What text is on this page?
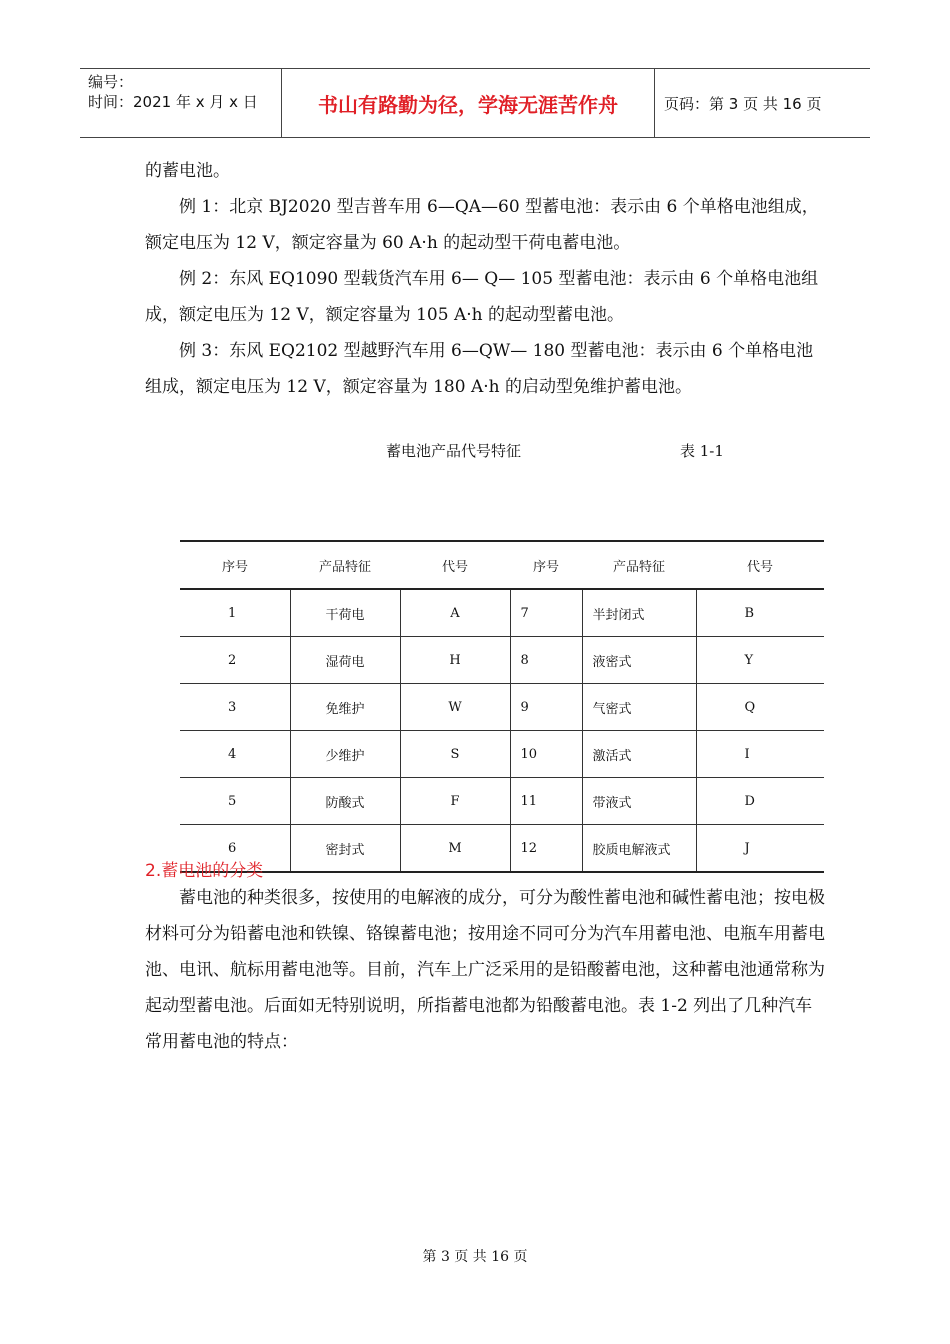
编号：
时间：2021 年 x 月 x 日	书山有路勤为径，学海无涯苦作舟	页码：第 3 页 共 16 页

的蓄电池。

例 1：北京 BJ2020 型吉普车用 6—QA—60 型蓄电池：表示由 6 个单格电池组成，额定电压为 12 V，额定容量为 60 A·h 的起动型干荷电蓄电池。

例 2：东风 EQ1090 型载货汽车用 6— Q— 105 型蓄电池：表示由 6 个单格电池组成，额定电压为 12 V，额定容量为 105 A·h 的起动型蓄电池。

例 3：东风 EQ2102 型越野汽车用 6—QW— 180 型蓄电池：表示由 6 个单格电池组成，额定电压为 12 V，额定容量为 180 A·h 的启动型免维护蓄电池。

蓄电池产品代号特征	表 1-1
序号	产品特征	代号	序号	产品特征	代号
1	干荷电	A	7	半封闭式	B
2	湿荷电	H	8	液密式	Y
3	免维护	W	9	气密式	Q
4	少维护	S	10	激活式	I
5	防酸式	F	11	带液式	D
6	密封式	M	12	胶质电解液式	J
2.蓄电池的分类

蓄电池的种类很多，按使用的电解液的成分，可分为酸性蓄电池和碱性蓄电池；按电极材料可分为铅蓄电池和铁镍、铬镍蓄电池；按用途不同可分为汽车用蓄电池、电瓶车用蓄电池、电讯、航标用蓄电池等。目前，汽车上广泛采用的是铅酸蓄电池，这种蓄电池通常称为起动型蓄电池。后面如无特别说明，所指蓄电池都为铅酸蓄电池。表 1-2 列出了几种汽车常用蓄电池的特点：

第 3 页 共 16 页
